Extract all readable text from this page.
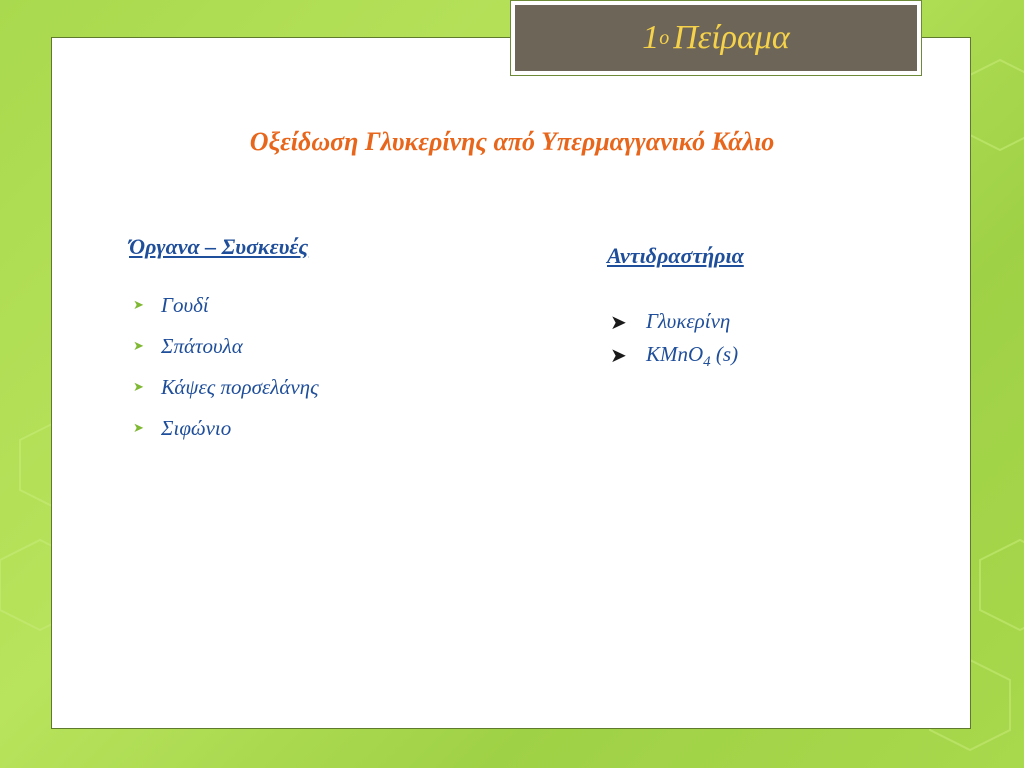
1 ο Πείραμα
Οξείδωση Γλυκερίνης από Υπερμαγγανικό Κάλιο
Όργανα – Συσκευές
➤ Γουδί
➤ Σπάτουλα
➤ Κάψες πορσελάνης
➤ Σιφώνιο
Αντιδραστήρια
➤ Γλυκερίνη
➤ KMnO$_4$ (s)
